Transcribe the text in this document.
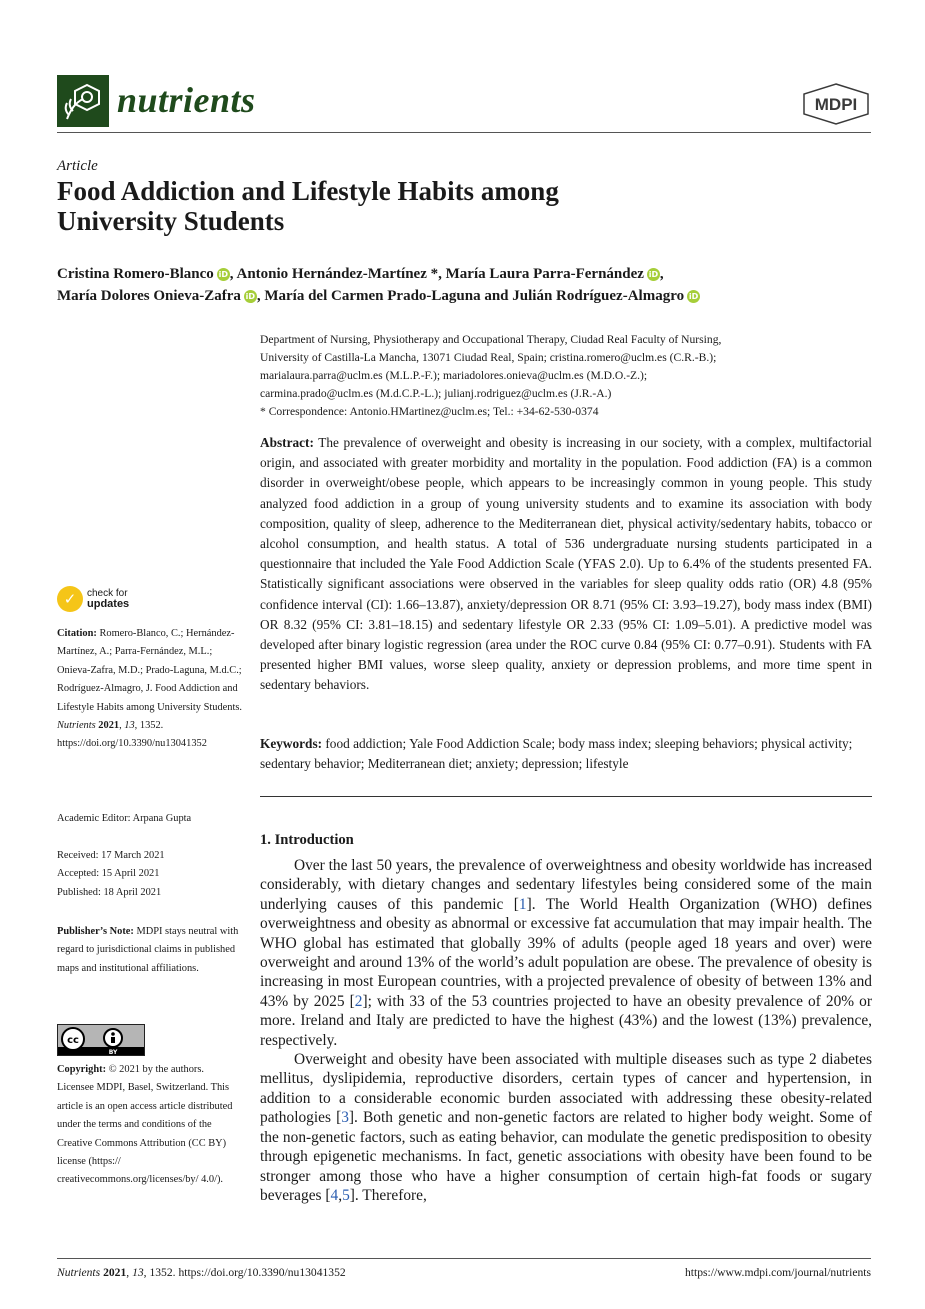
nutrients	MDPI
Article
Food Addiction and Lifestyle Habits among
University Students
Cristina Romero-Blanco iD , Antonio Hernández-Martínez *, María Laura Parra-Fernández iD ,
María Dolores Onieva-Zafra iD , María del Carmen Prado-Laguna and Julián Rodríguez-Almagro iD
Department of Nursing, Physiotherapy and Occupational Therapy, Ciudad Real Faculty of Nursing,
University of Castilla-La Mancha, 13071 Ciudad Real, Spain; cristina.romero@uclm.es (C.R.-B.);
marialaura.parra@uclm.es (M.L.P.-F.); mariadolores.onieva@uclm.es (M.D.O.-Z.);
carmina.prado@uclm.es (M.d.C.P.-L.); julianj.rodriguez@uclm.es (J.R.-A.)
* Correspondence: Antonio.HMartinez@uclm.es; Tel.: +34-62-530-0374
Abstract: The prevalence of overweight and obesity is increasing in our society, with a complex, multifactorial origin, and associated with greater morbidity and mortality in the population. Food addiction (FA) is a common disorder in overweight/obese people, which appears to be increasingly common in young people. This study analyzed food addiction in a group of young university students and to examine its association with body composition, quality of sleep, adherence to the Mediterranean diet, physical activity/sedentary habits, tobacco or alcohol consumption, and health status. A total of 536 undergraduate nursing students participated in a questionnaire that included the Yale Food Addiction Scale (YFAS 2.0). Up to 6.4% of the students presented FA. Statistically significant associations were observed in the variables for sleep quality odds ratio (OR) 4.8 (95% confidence interval (CI): 1.66–13.87), anxiety/depression OR 8.71 (95% CI: 3.93–19.27), body mass index (BMI) OR 8.32 (95% CI: 3.81–18.15) and sedentary lifestyle OR 2.33 (95% CI: 1.09–5.01). A predictive model was developed after binary logistic regression (area under the ROC curve 0.84 (95% CI: 0.77–0.91). Students with FA presented higher BMI values, worse sleep quality, anxiety or depression problems, and more time spent in sedentary behaviors.
Keywords: food addiction; Yale Food Addiction Scale; body mass index; sleeping behaviors; physical activity; sedentary behavior; Mediterranean diet; anxiety; depression; lifestyle
1. Introduction

Over the last 50 years, the prevalence of overweightness and obesity worldwide has increased considerably, with dietary changes and sedentary lifestyles being considered some of the main underlying causes of this pandemic [1]. The World Health Organization (WHO) defines overweightness and obesity as abnormal or excessive fat accumulation that may impair health. The WHO global has estimated that globally 39% of adults (people aged 18 years and over) were overweight and around 13% of the world’s adult population are obese. The prevalence of obesity is increasing in most European countries, with a projected prevalence of obesity of between 13% and 43% by 2025 [2]; with 33 of the 53 countries projected to have an obesity prevalence of 20% or more. Ireland and Italy are predicted to have the highest (43%) and the lowest (13%) prevalence, respectively.

Overweight and obesity have been associated with multiple diseases such as type 2 diabetes mellitus, dyslipidemia, reproductive disorders, certain types of cancer and hypertension, in addition to a considerable economic burden associated with addressing these obesity-related pathologies [3]. Both genetic and non-genetic factors are related to higher body weight. Some of the non-genetic factors, such as eating behavior, can modulate the genetic predisposition to obesity through epigenetic mechanisms. In fact, genetic associations with obesity have been found to be stronger among those who have a higher consumption of certain high-fat foods or sugary beverages [4,5]. Therefore,

✓	check for
updates
Citation: Romero-Blanco, C.; Hernández-Martínez, A.; Parra-Fernández, M.L.; Onieva-Zafra, M.D.; Prado-Laguna, M.d.C.; Rodríguez-Almagro, J. Food Addiction and Lifestyle Habits among University Students. Nutrients 2021, 13, 1352. https://doi.org/10.3390/nu13041352
Academic Editor: Arpana Gupta
Received: 17 March 2021
Accepted: 15 April 2021
Published: 18 April 2021
Publisher’s Note: MDPI stays neutral with regard to jurisdictional claims in published maps and institutional affiliations.
cc
BY
Copyright: © 2021 by the authors. Licensee MDPI, Basel, Switzerland. This article is an open access article distributed under the terms and conditions of the Creative Commons Attribution (CC BY) license (https:// creativecommons.org/licenses/by/ 4.0/).
Nutrients 2021, 13, 1352. https://doi.org/10.3390/nu13041352	https://www.mdpi.com/journal/nutrients
